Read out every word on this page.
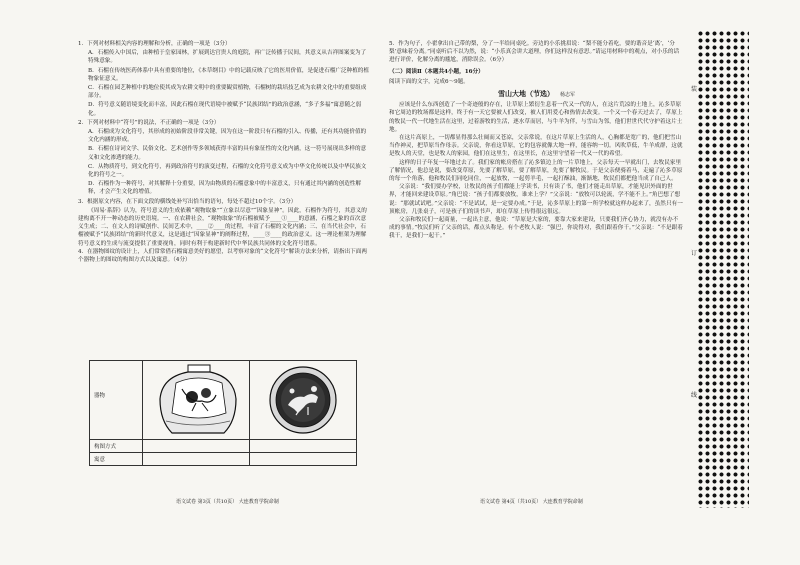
1．下列对材料相关内容的理解和分析，正确的一项是（3分）
A．石榴传入中国后，由种植于皇家园林，扩展到达官贵人的庭院，再广泛传播于民间，其意义从吉祥图案变为了特殊意象。
B．石榴在传统医药体系中具有重要的地位，《本草纲目》中的记载反映了它的医用价值，是促进石榴广泛种植的植物象征意义。
C．石榴在园艺种植中的地位使其成为农耕文明中的重要観赏植物，石榴树的栽培技艺成为农耕文化中的重要组成部分。
D．符号意义随语境变化而丰富，因此石榴在现代语境中被赋予“民族团结”的政治意涵，“多子多福”寓意随之弱化。
2．下列对材料中“符号”的说法，不正确的一项是（3分）
A．石榴成为文化符号，其形成的初始阶段非常关键，因为在这一阶段只有石榴的引入、传播，还有其功能价值的文化内涵的形成。
B．石榴在诗词文学、民俗文化、艺术创作等多领域获得丰富的具有象征性的文化内涵，这一符号展现出多样的意义和文化渗透的能力。
C．从物质符号，到文化符号，再到政治符号的演变过程，石榴的文化符号意义成为中华文化传统以及中华民族文化的符号之一。
D．石榴作为一种符号，对其解释十分重要，因为由物质的石榴意象中的丰富意义，只有通过其内涵的创造性解释，才会产生文化的增值。
3．根据原文内容，在下面文段的横线处补写出恰当的语句，每处不超过10个字。（3分）
《周易·系辞》认为，符号意义的生成依赖“观物取象”“立象以尽意”“因象显神”。因此，石榴作为符号，其意义的建构离不开一种动态的历史语境。一、在农耕社会，“观物取象”的石榴被赋予____①____的意涵，石榴之象的首次意义生成；二、在文人的诗赋创作、民间艺术中，____②____的过程，丰富了石榴的文化内涵；三、在当代社会中，石榴被赋予“民族团结”的新时代意义，这是通过“因象显神”的阐释过程，____③____的政治意义。这一理论框架为理解符号意义的生成与流变提供了重要视角，同时有利于构建新时代中华民族共同体的文化符号谱系。
4．在器物图纹的设计上，人们常常借石榴寓意美好的愿望，以考察对象的“文化符号”解读方法来分析，请指出下面两个器物上的图纹的构图方式以及寓意。（4分）
器物
构图方式
寓意
语文试卷 第3页（共10页） 大连教育学院命制
5．作为句子，小翟拿出自己带的梨，分了一半给同桌吃。旁边的小乐挑眉说：“梨不能分着吃，要的谐音是‘离’，‘分梨’意味着分离。”同桌听后不以为然，说：“小乐真会讲大道理，你们这样没有意思。”请运用材料中的观点，对小乐的话进行评价，化解分离的尴尬，消除误会。（6分）
（二）阅读Ⅱ（本题共4小题，16分）
阅读下面的文字，完成6～9题。
雪山大地（节选） 杨志军

应该是什么东西创造了一个奇迹般的存在，让草原上繁衍生息着一代又一代的人，在这片荒凉的土地上，沁多草原和它周边的牧场都是这样，终于有一天它要被人们改变，被人们用爱心和热情去改变。一个又一个春天过去了，草原上的牧民一代一代地生活在这里，过着游牧的生活，逐水草而居，与牛羊为伴，与雪山为邻，他们世世代代守护着这片土地。

在这片高原上，一切都显得那么壮阔而又苍凉，父亲常说，在这片草原上生活的人，心胸都是宽广的，他们把雪山当作神灵，把草原当作母亲。父亲说，你看这草原，它的包容就像大地一样，能容纳一切。风吹草低，牛羊成群，这就是牧人的天堂，也是牧人的家园，他们在这里生，在这里长，在这里守望着一代又一代的希望。

这样的日子年复一年地过去了。我们家的帐房搭在了沁多镇边上的一片草地上，父亲每天一早就出门，去牧民家里了解情况，他总是说，要改变草原，先要了解草原，要了解草原，先要了解牧民。于是父亲便骑着马，走遍了沁多草原的每一个角落，他和牧民们同吃同住，一起放牧，一起剪羊毛，一起打酥油，渐渐地，牧民们都把他当成了自己人。

父亲说：“我们要办学校，让牧民的孩子们都能上学读书，只有读了书，他们才能走出草原，才能见识外面的世界，才能回来建设草原。”角巴说：“孩子们都要放牧，谁来上学？”父亲说：“放牧可以轮流，学不能不上。”角巴想了想说：“那就试试吧。”父亲说：“不是试试，是一定要办成。”于是，沁多草原上的第一所学校就这样办起来了，虽然只有一顶帐房，几张桌子，可是孩子们的读书声，却在草原上传得很远很远。

父亲和牧民们一起商量，一起出主意，他说：“草原是大家的，要靠大家来建设，只要我们齐心协力，就没有办不成的事情。”牧民们听了父亲的话，都点头称是。有个老牧人说：“强巴，你说得对，我们跟着你干。”父亲说：“不是跟着我干，是我们一起干。”

语文试卷 第4页（共10页） 大连教育学院命制
装
订
线
